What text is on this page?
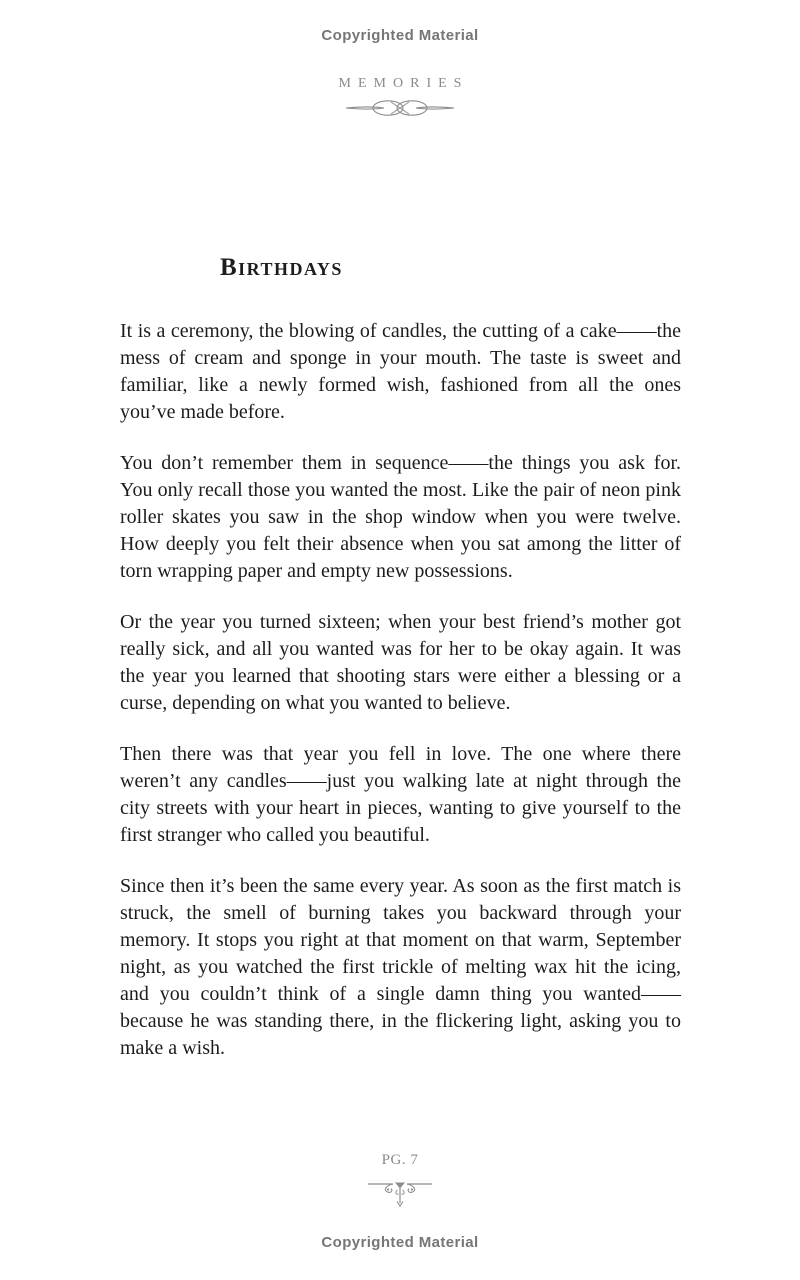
Copyrighted Material
MEMORIES
Birthdays

It is a ceremony, the blowing of candles, the cutting of a cake——the mess of cream and sponge in your mouth. The taste is sweet and familiar, like a newly formed wish, fashioned from all the ones you’ve made before.

You don’t remember them in sequence——the things you ask for. You only recall those you wanted the most. Like the pair of neon pink roller skates you saw in the shop window when you were twelve. How deeply you felt their absence when you sat among the litter of torn wrapping paper and empty new possessions.

Or the year you turned sixteen; when your best friend’s mother got really sick, and all you wanted was for her to be okay again. It was the year you learned that shooting stars were either a blessing or a curse, depending on what you wanted to believe.

Then there was that year you fell in love. The one where there weren’t any candles——just you walking late at night through the city streets with your heart in pieces, wanting to give yourself to the first stranger who called you beautiful.

Since then it’s been the same every year. As soon as the first match is struck, the smell of burning takes you backward through your memory. It stops you right at that moment on that warm, September night, as you watched the first trickle of melting wax hit the icing, and you couldn’t think of a single damn thing you wanted——because he was standing there, in the flickering light, asking you to make a wish.

PG. 7
Copyrighted Material
